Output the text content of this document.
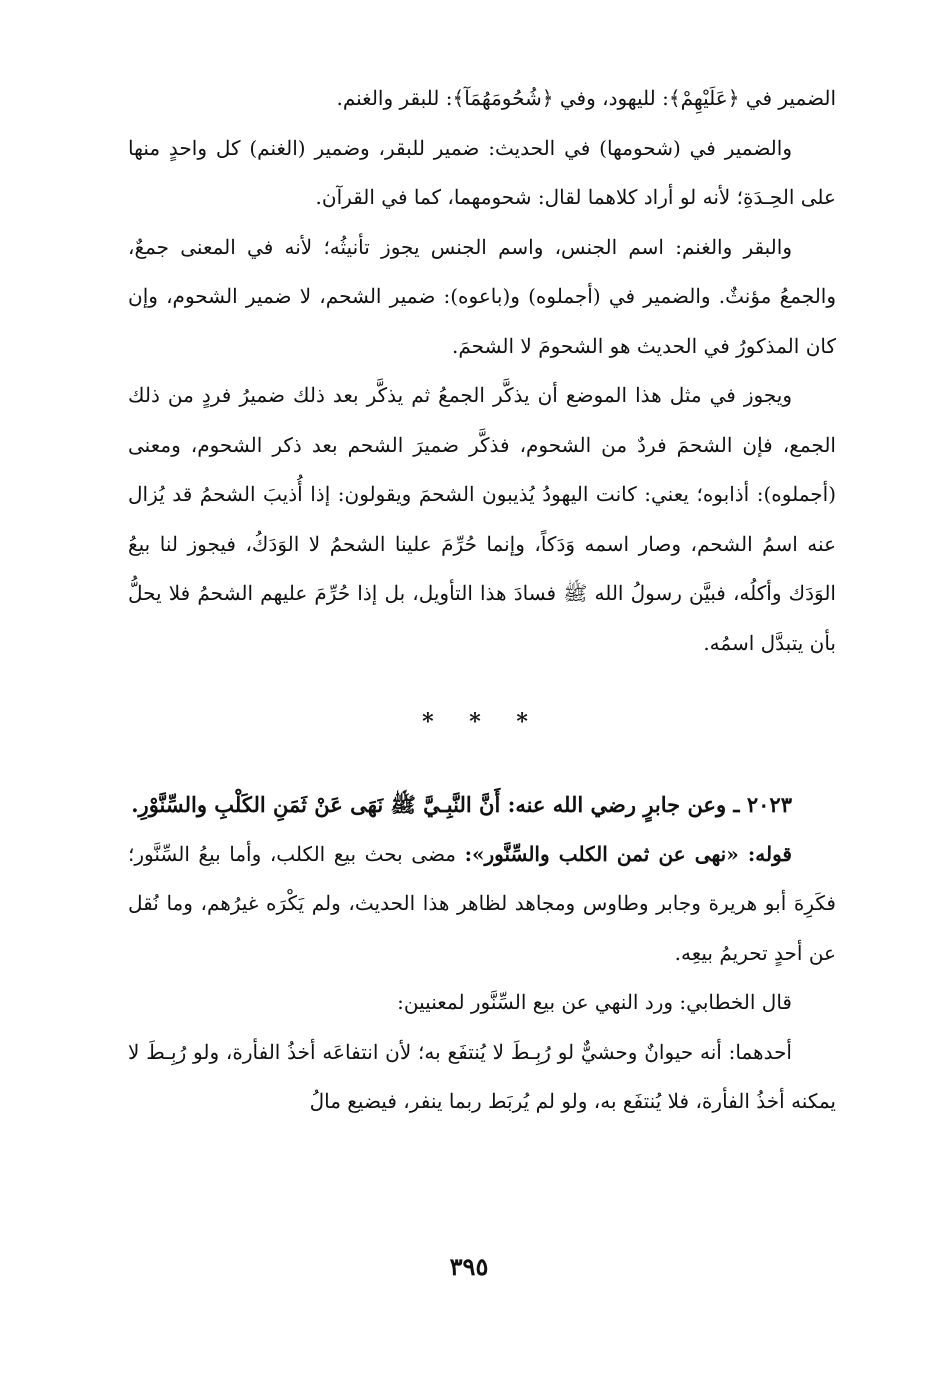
الضمير في ﴿عَلَيْهِمْ﴾: لليهود، وفي ﴿شُحُومَهُمَآ﴾: للبقر والغنم.

والضمير في (شحومها) في الحديث: ضمير للبقر، وضمير (الغنم) كل واحدٍ منها على الحِـدَةِ؛ لأنه لو أراد كلاهما لقال: شحومهما، كما في القرآن.

والبقر والغنم: اسم الجنس، واسم الجنس يجوز تأنيثُه؛ لأنه في المعنى جمعٌ، والجمعُ مؤنثٌ. والضمير في (أجملوه) و(باعوه): ضمير الشحم، لا ضمير الشحوم، وإن كان المذكورُ في الحديث هو الشحومَ لا الشحمَ.

ويجوز في مثل هذا الموضع أن يذكَّر الجمعُ ثم يذكَّر بعد ذلك ضميرُ فردٍ من ذلك الجمع، فإن الشحمَ فردٌ من الشحوم، فذكَّر ضميرَ الشحم بعد ذكر الشحوم، ومعنى (أجملوه): أذابوه؛ يعني: كانت اليهودُ يُذيبون الشحمَ ويقولون: إذا أُذيبَ الشحمُ قد يُزال عنه اسمُ الشحم، وصار اسمه وَدَكاً، وإنما حُرِّمَ علينا الشحمُ لا الوَدَكُ، فيجوز لنا بيعُ الوَدَك وأكلُه، فبيَّن رسولُ الله ﷺ فسادَ هذا التأويل، بل إذا حُرِّمَ عليهم الشحمُ فلا يحلُّ بأن يتبدَّل اسمُه.

* * *

٢٠٢٣ ـ وعن جابرٍ رضي الله عنه: أَنَّ النَّبِـيَّ ﷺ نَهَى عَنْ ثَمَنِ الكَلْبِ والسِّنَّوْرِ.

قوله: «نهى عن ثمن الكلب والسِّنَّور»: مضى بحث بيع الكلب، وأما بيعُ السِّنَّور؛ فكَرِهَ أبو هريرة وجابر وطاوس ومجاهد لظاهر هذا الحديث، ولم يَكْرَه غيرُهم، وما نُقل عن أحدٍ تحريمُ بيعِه.

قال الخطابي: ورد النهي عن بيع السِّنَّور لمعنيين:

أحدهما: أنه حيوانٌ وحشيٌّ لو رُبِـطَ لا يُنتفَع به؛ لأن انتفاعَه أخذُ الفأرة، ولو رُبِـطَ لا يمكنه أخذُ الفأرة، فلا يُنتفَع به، ولو لم يُربَط ربما ينفر، فيضيع مالُ

٣٩٥
